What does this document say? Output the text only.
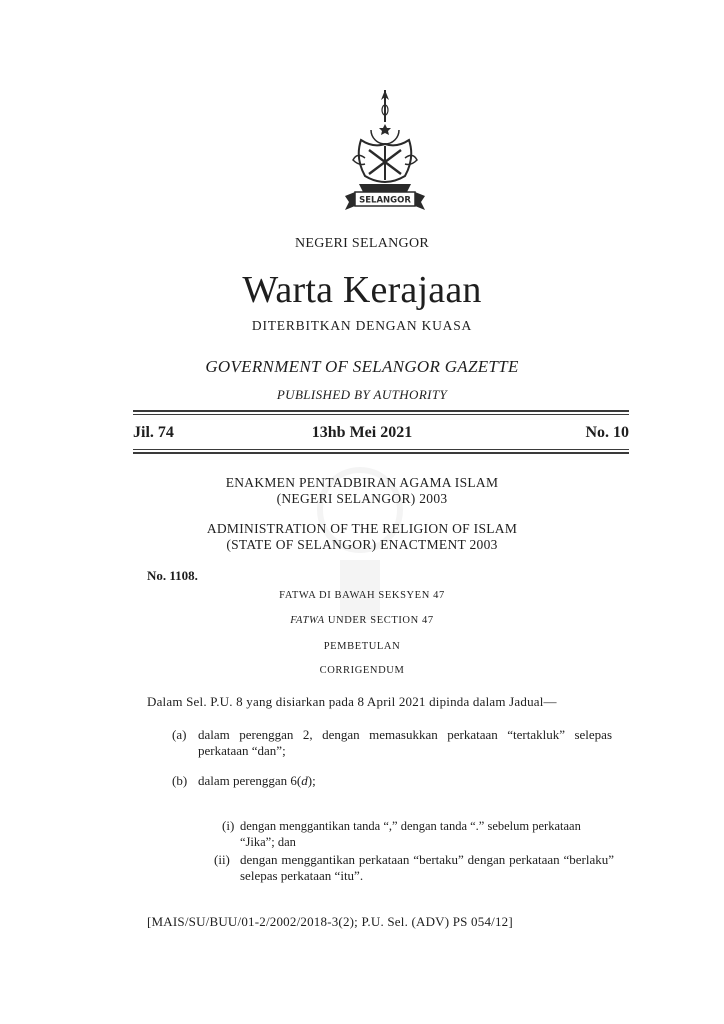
SELANGOR
NEGERI SELANGOR
Warta Kerajaan
DITERBITKAN DENGAN KUASA
GOVERNMENT OF SELANGOR GAZETTE
PUBLISHED BY AUTHORITY
Jil. 74	13hb Mei 2021	No. 10
ENAKMEN PENTADBIRAN AGAMA ISLAM
(NEGERI SELANGOR) 2003
ADMINISTRATION OF THE RELIGION OF ISLAM
(STATE OF SELANGOR) ENACTMENT 2003
No. 1108.
FATWA DI BAWAH SEKSYEN 47
FATWA UNDER SECTION 47
PEMBETULAN
CORRIGENDUM
Dalam Sel. P.U. 8 yang disiarkan pada 8 April 2021 dipinda dalam Jadual—
(a) dalam perenggan 2, dengan memasukkan perkataan “tertakluk” selepas perkataan “dan”;
(b) dalam perenggan 6(d);
(i) dengan menggantikan tanda “,” dengan tanda “.” sebelum perkataan “Jika”; dan
(ii) dengan menggantikan perkataan “bertaku” dengan perkataan “berlaku” selepas perkataan “itu”.
[MAIS/SU/BUU/01-2/2002/2018-3(2); P.U. Sel. (ADV) PS 054/12]
